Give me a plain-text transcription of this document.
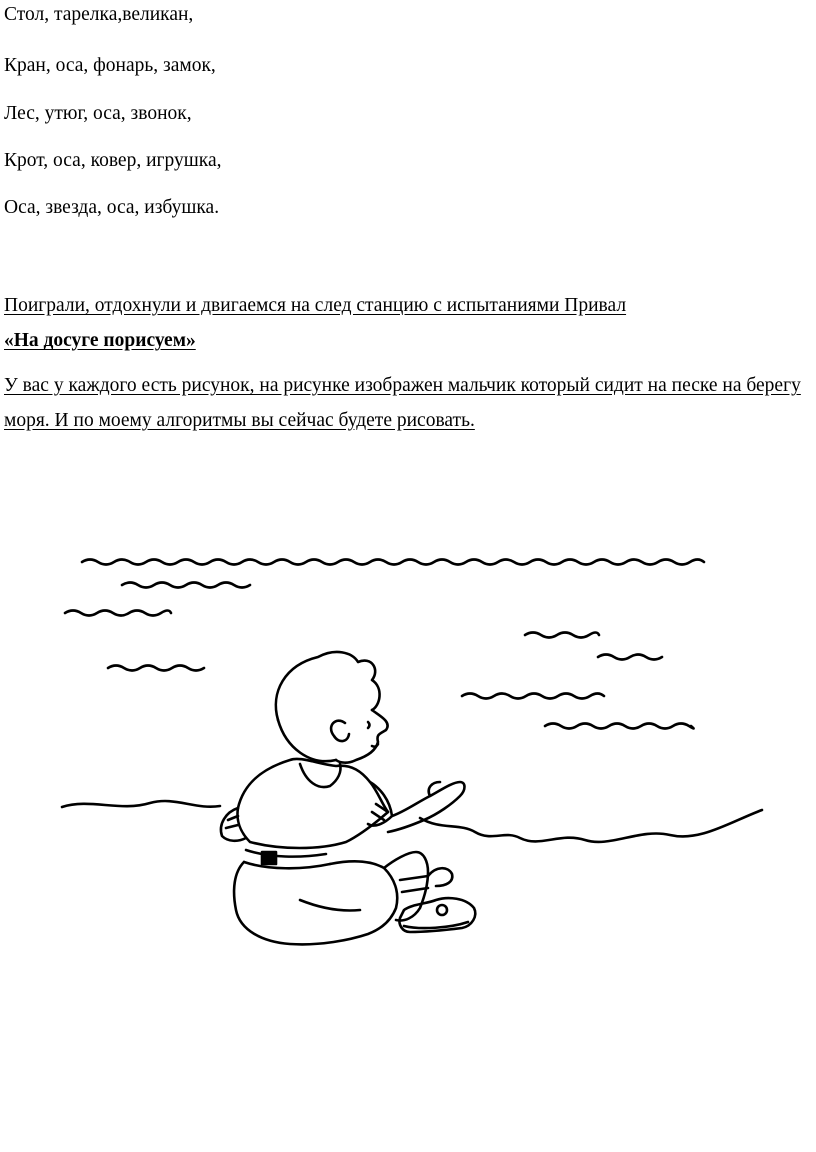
Стол, тарелка,великан,
Кран, оса, фонарь, замок,
Лес, утюг, оса, звонок,
Крот, оса, ковер, игрушка,
Оса, звезда, оса, избушка.
Поиграли, отдохнули и двигаемся на след станцию с испытаниями Привал
«На досуге порисуем»
У вас у каждого есть рисунок, на рисунке изображен мальчик который сидит на песке на берегу моря. И по моему алгоритмы вы сейчас будете рисовать.
